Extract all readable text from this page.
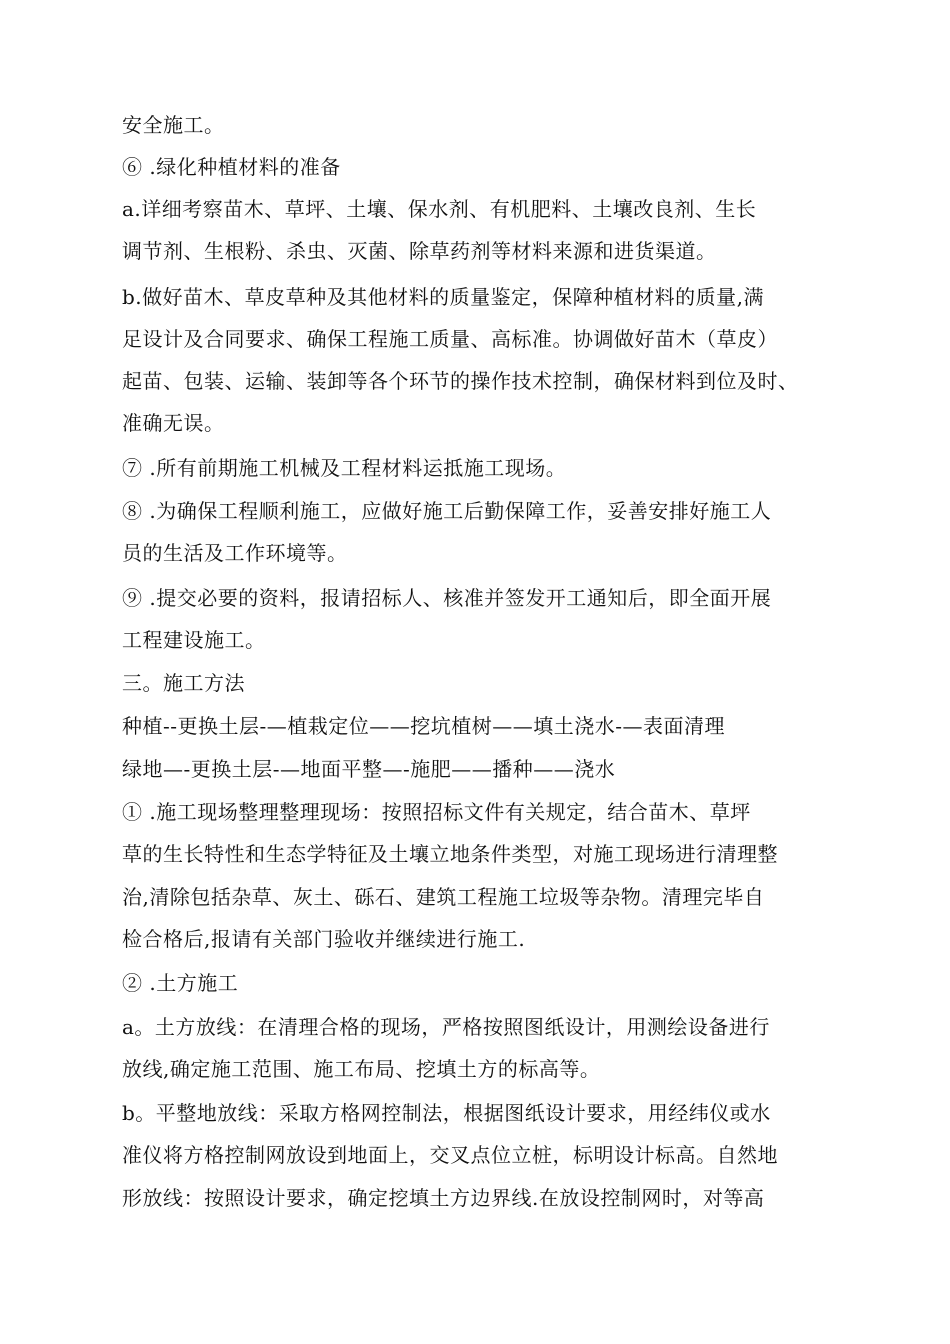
安全施工。
⑥ .绿化种植材料的准备
a.详细考察苗木、草坪、土壤、保水剂、有机肥料、土壤改良剂、生长
调节剂、生根粉、杀虫、灭菌、除草药剂等材料来源和进货渠道。
b.做好苗木、草皮草种及其他材料的质量鉴定，保障种植材料的质量,满
足设计及合同要求、确保工程施工质量、高标准。协调做好苗木（草皮）
起苗、包装、运输、装卸等各个环节的操作技术控制，确保材料到位及时、
准确无误。
⑦ .所有前期施工机械及工程材料运抵施工现场。
⑧ .为确保工程顺利施工，应做好施工后勤保障工作，妥善安排好施工人
员的生活及工作环境等。
⑨ .提交必要的资料，报请招标人、核准并签发开工通知后，即全面开展
工程建设施工。
三。施工方法
种植--更换土层-—植栽定位——挖坑植树——填土浇水-—表面清理
绿地—-更换土层-—地面平整—-施肥——播种——浇水
① .施工现场整理整理现场：按照招标文件有关规定，结合苗木、草坪
草的生长特性和生态学特征及土壤立地条件类型，对施工现场进行清理整
治,清除包括杂草、灰土、砾石、建筑工程施工垃圾等杂物。清理完毕自
检合格后,报请有关部门验收并继续进行施工.
② .土方施工
a。土方放线：在清理合格的现场，严格按照图纸设计，用测绘设备进行
放线,确定施工范围、施工布局、挖填土方的标高等。
b。平整地放线：采取方格网控制法，根据图纸设计要求，用经纬仪或水
准仪将方格控制网放设到地面上，交叉点位立桩，标明设计标高。自然地
形放线：按照设计要求，确定挖填土方边界线.在放设控制网时，对等高
